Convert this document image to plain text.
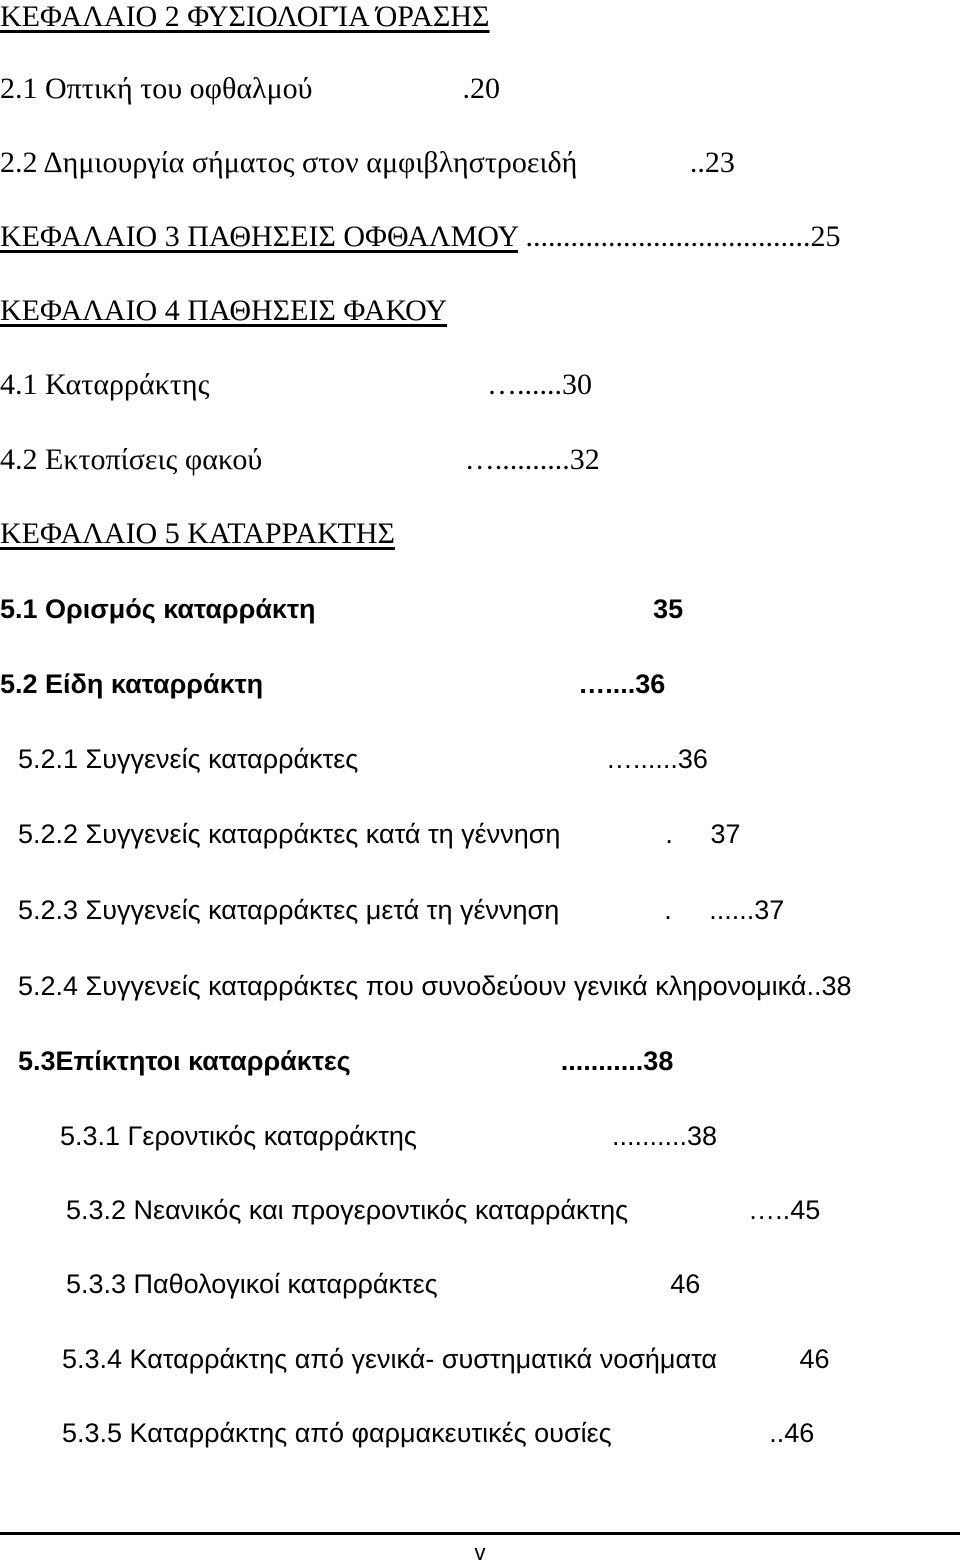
ΚΕΦΑΛΑΙΟ 2 ΦΥΣΙΟΛΟΓΊΑ ΌΡΑΣΗΣ
2.1 Οπτική του οφθαλμού                    .20
2.2 Δημιουργία σήματος στον αμφιβληστροειδή               ..23
ΚΕΦΑΛΑΙΟ 3 ΠΑΘΗΣΕΙΣ ΟΦΘΑΛΜΟΥ ......................................25
ΚΕΦΑΛΑΙΟ 4 ΠΑΘΗΣΕΙΣ ΦΑΚΟΥ
4.1 Καταρράκτης                                     …......30
4.2 Εκτοπίσεις φακού                           …..........32
ΚΕΦΑΛΑΙΟ 5 ΚΑΤΑΡΡΑΚΤΗΣ
5.1 Ορισμός καταρράκτη	35
5.2 Είδη καταρράκτη                                          …....36
5.2.1 Συγγενείς καταρράκτες                                 …......36
5.2.2 Συγγενείς καταρράκτες κατά τη γέννηση              .     37
5.2.3 Συγγενείς καταρράκτες μετά τη γέννηση              .     ......37
5.2.4 Συγγενείς καταρράκτες που συνοδεύουν γενικά κληρονομικά..38
5.3Επίκτητοι καταρράκτες                            ...........38
5.3.1 Γεροντικός καταρράκτης                          ..........38
5.3.2 Νεανικός και προγεροντικός καταρράκτης                …..45
5.3.3 Παθολογικοί καταρράκτες	46
5.3.4 Καταρράκτης από γενικά- συστηματικά νοσήματα	46
5.3.5 Καταρράκτης από φαρμακευτικές ουσίες                     ..46
v
